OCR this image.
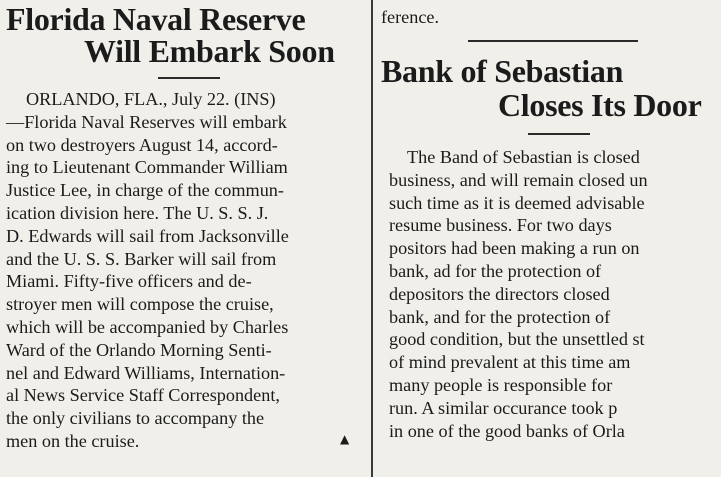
Florida Naval Reserve
Will Embark Soon

ORLANDO, FLA., July 22. (INS)
—Florida Naval Reserves will embark
on two destroyers August 14, accord-
ing to Lieutenant Commander William
Justice Lee, in charge of the commun-
ication division here. The U. S. S. J.
D. Edwards will sail from Jacksonville
and the U. S. S. Barker will sail from
Miami. Fifty-five officers and de-
stroyer men will compose the cruise,
which will be accompanied by Charles
Ward of the Orlando Morning Senti-
nel and Edward Williams, Internation-
al News Service Staff Correspondent,
the only civilians to accompany the
men on the cruise.

ference.
Bank of Sebastian
Closes Its Door

The Band of Sebastian is closed
business, and will remain closed un
such time as it is deemed advisable
resume business. For two days
positors had been making a run on
bank, ad for the protection of
depositors the directors closed
bank, and for the protection of
good condition, but the unsettled st
of mind prevalent at this time am
many people is responsible for
run. A similar occurance took p
in one of the good banks of Orla

▲
